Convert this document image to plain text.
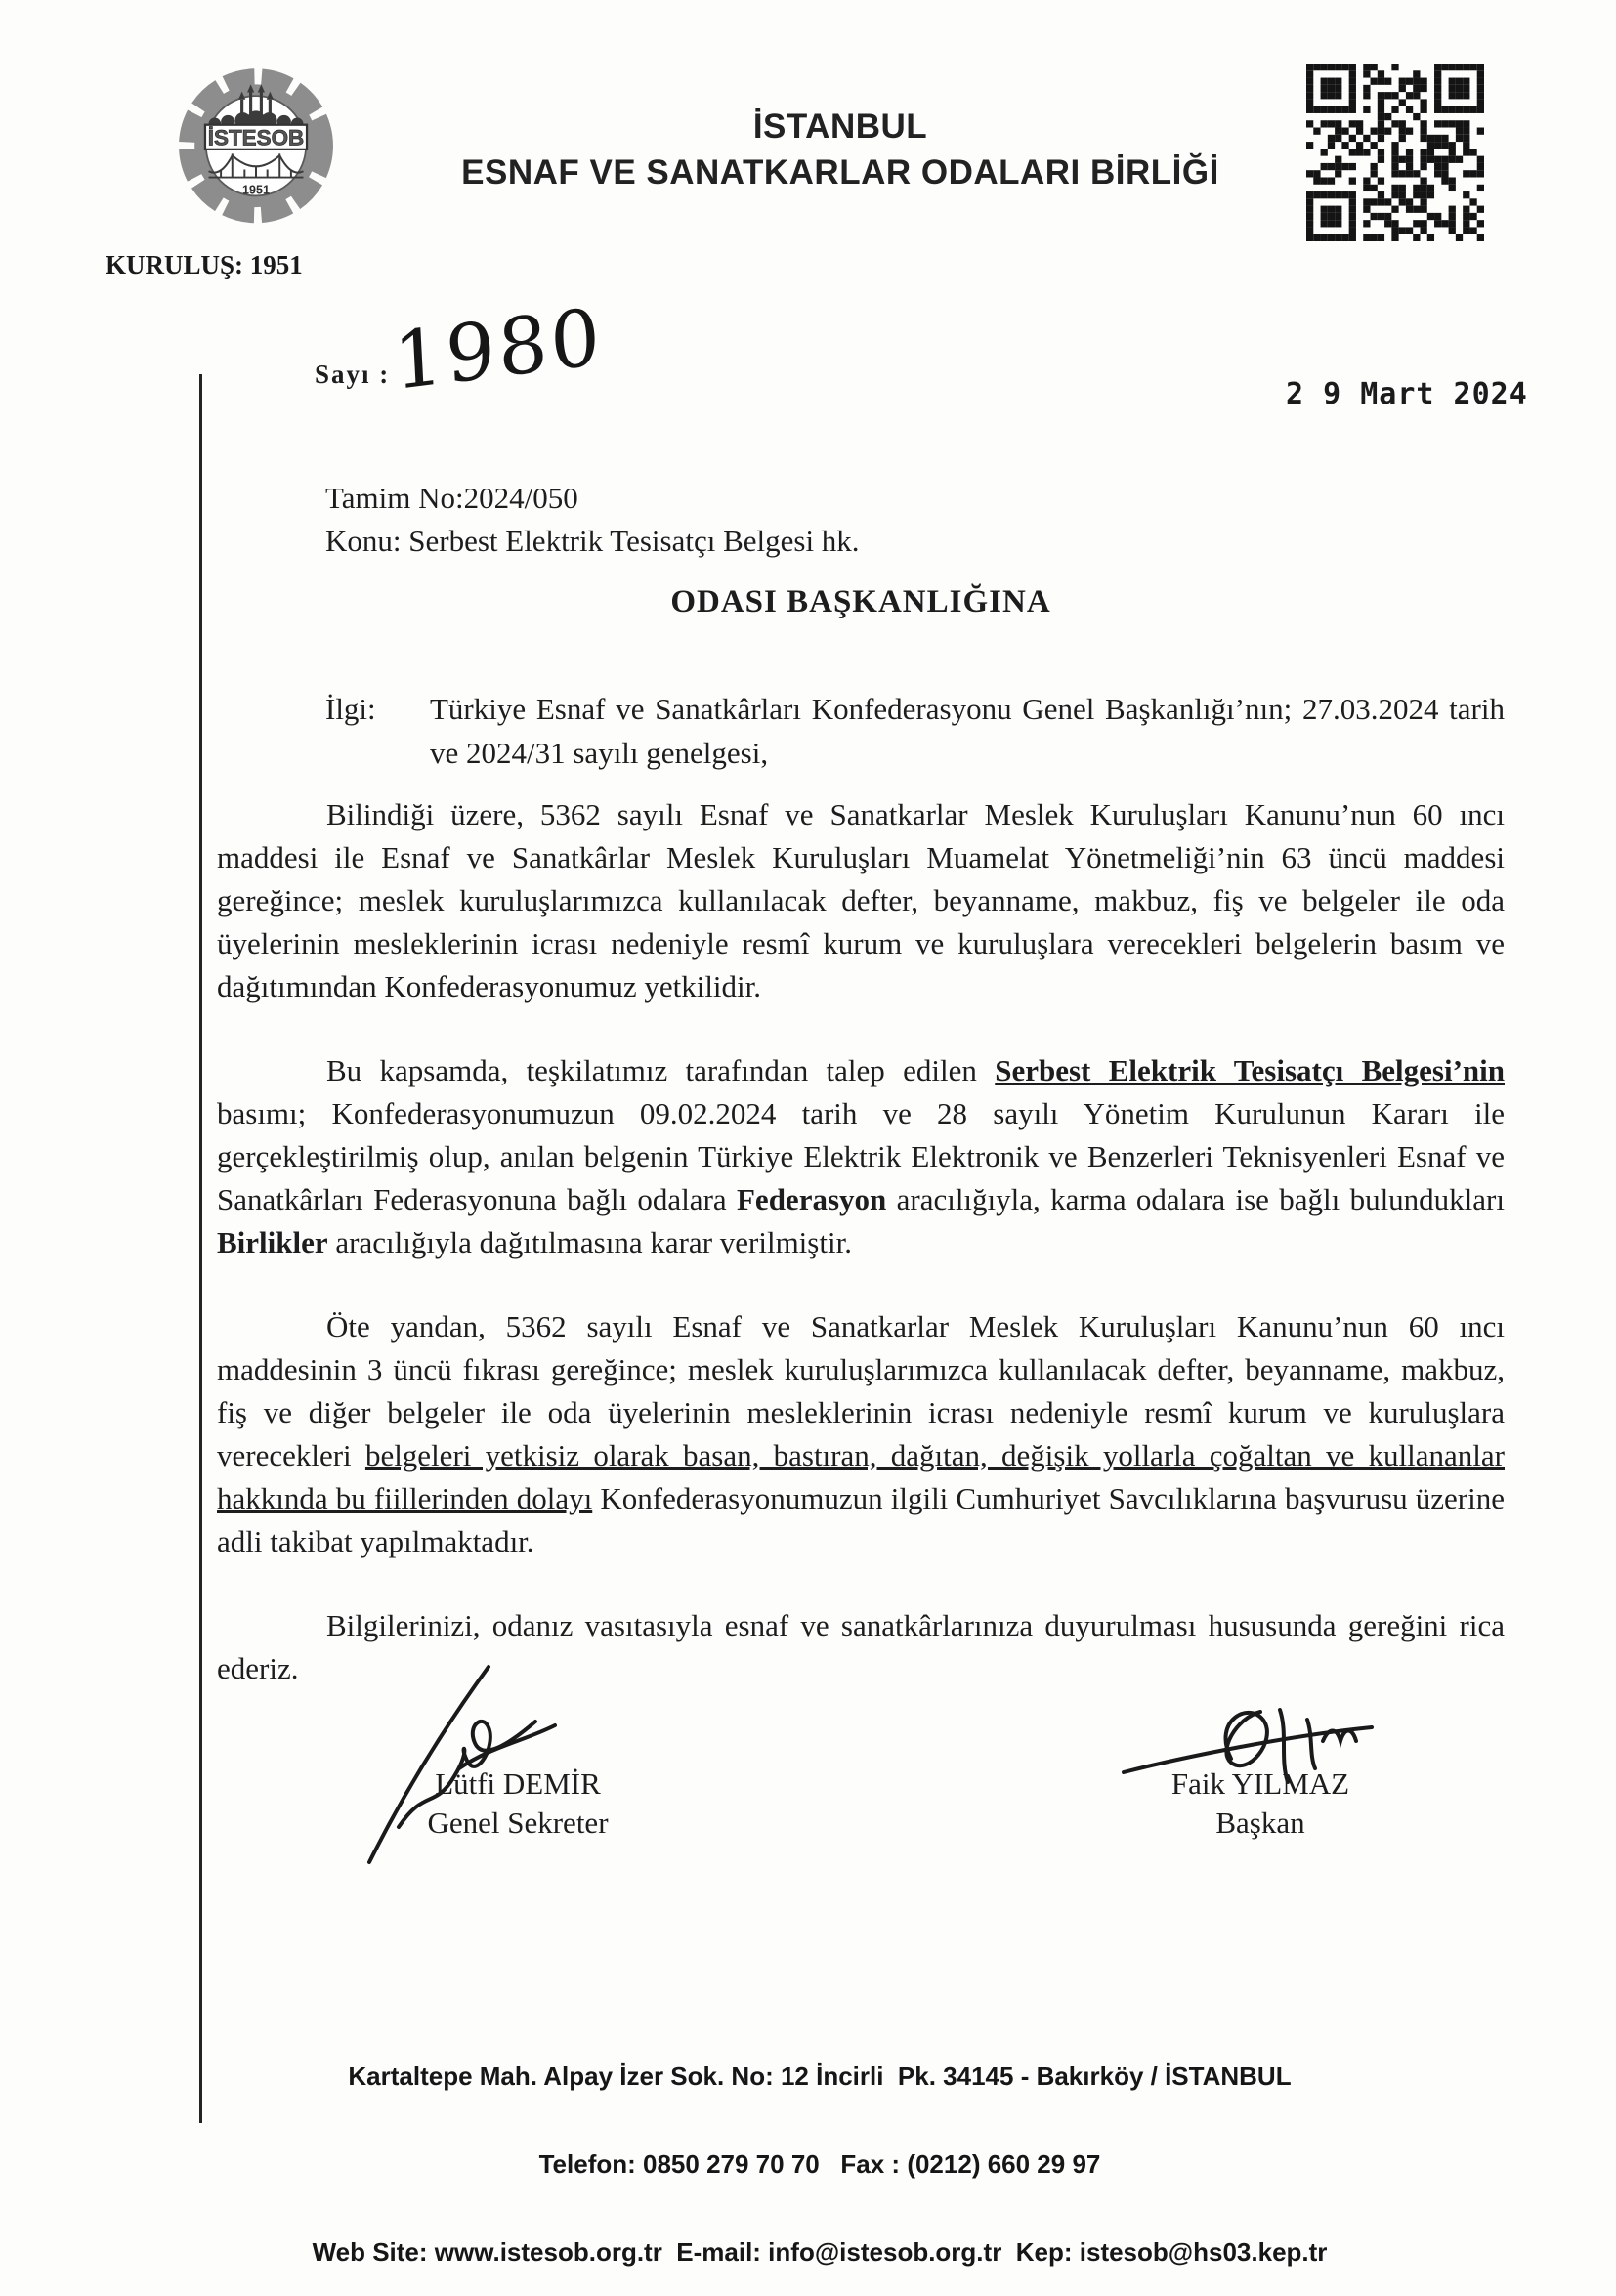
İSTESOB
1951
İSTANBUL
ESNAF VE SANATKARLAR ODALARI BİRLİĞİ
KURULUŞ: 1951
Sayı : 1980	2 9 Mart 2024
Tamim No:2024/050
Konu: Serbest Elektrik Tesisatçı Belgesi hk.
ODASI BAŞKANLIĞINA
İlgi: Türkiye Esnaf ve Sanatkârları Konfederasyonu Genel Başkanlığı’nın; 27.03.2024 tarih ve 2024/31 sayılı genelgesi,

Bilindiği üzere, 5362 sayılı Esnaf ve Sanatkarlar Meslek Kuruluşları Kanunu’nun 60 ıncı maddesi ile Esnaf ve Sanatkârlar Meslek Kuruluşları Muamelat Yönetmeliği’nin 63 üncü maddesi gereğince; meslek kuruluşlarımızca kullanılacak defter, beyanname, makbuz, fiş ve belgeler ile oda üyelerinin mesleklerinin icrası nedeniyle resmî kurum ve kuruluşlara verecekleri belgelerin basım ve dağıtımından Konfederasyonumuz yetkilidir.

Bu kapsamda, teşkilatımız tarafından talep edilen Serbest Elektrik Tesisatçı Belgesi’nin basımı; Konfederasyonumuzun 09.02.2024 tarih ve 28 sayılı Yönetim Kurulunun Kararı ile gerçekleştirilmiş olup, anılan belgenin Türkiye Elektrik Elektronik ve Benzerleri Teknisyenleri Esnaf ve Sanatkârları Federasyonuna bağlı odalara Federasyon aracılığıyla, karma odalara ise bağlı bulundukları Birlikler aracılığıyla dağıtılmasına karar verilmiştir.

Öte yandan, 5362 sayılı Esnaf ve Sanatkarlar Meslek Kuruluşları Kanunu’nun 60 ıncı maddesinin 3 üncü fıkrası gereğince; meslek kuruluşlarımızca kullanılacak defter, beyanname, makbuz, fiş ve diğer belgeler ile oda üyelerinin mesleklerinin icrası nedeniyle resmî kurum ve kuruluşlara verecekleri belgeleri yetkisiz olarak basan, bastıran, dağıtan, değişik yollarla çoğaltan ve kullananlar hakkında bu fiillerinden dolayı Konfederasyonumuzun ilgili Cumhuriyet Savcılıklarına başvurusu üzerine adli takibat yapılmaktadır.

Bilgilerinizi, odanız vasıtasıyla esnaf ve sanatkârlarınıza duyurulması hususunda gereğini rica ederiz.

Lütfi DEMİR
Genel Sekreter
Faik YILMAZ
Başkan

Kartaltepe Mah. Alpay İzer Sok. No: 12 İncirli  Pk. 34145 - Bakırköy / İSTANBUL

Telefon: 0850 279 70 70   Fax : (0212) 660 29 97

Web Site: www.istesob.org.tr  E-mail: info@istesob.org.tr  Kep: istesob@hs03.kep.tr
